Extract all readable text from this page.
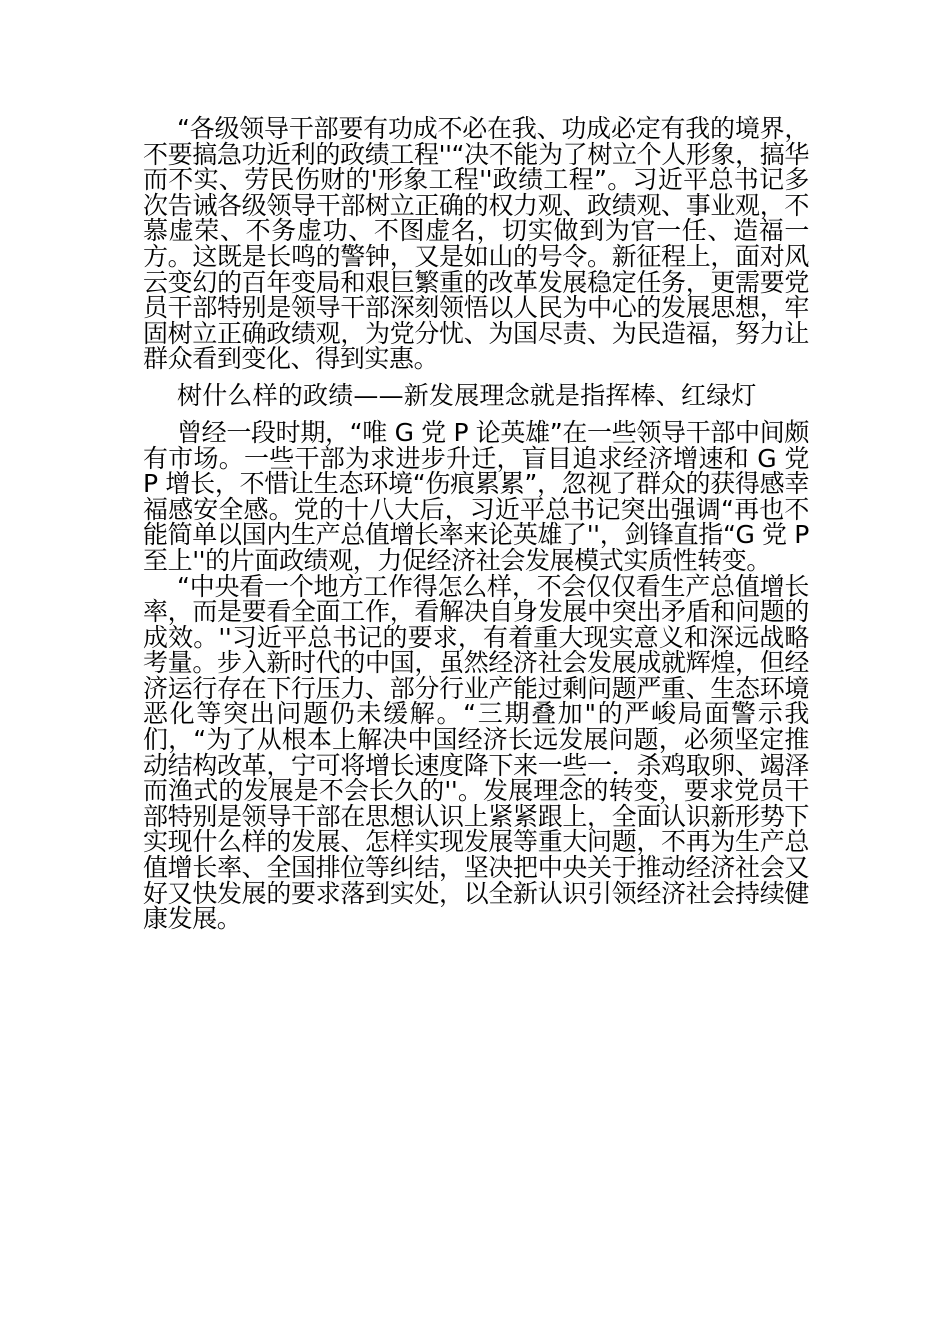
“各级领导干部要有功成不必在我、功成必定有我的境界，不要搞急功近利的政绩工程''“决不能为了树立个人形象，搞华而不实、劳民伤财的'形象工程''政绩工程”。习近平总书记多次告诫各级领导干部树立正确的权力观、政绩观、事业观，不慕虚荣、不务虚功、不图虚名，切实做到为官一任、造福一方。这既是长鸣的警钟，又是如山的号令。新征程上，面对风云变幻的百年变局和艰巨繁重的改革发展稳定任务，更需要党员干部特别是领导干部深刻领悟以人民为中心的发展思想，牢固树立正确政绩观，为党分忧、为国尽责、为民造福，努力让群众看到变化、得到实惠。

树什么样的政绩——新发展理念就是指挥棒、红绿灯

曾经一段时期，“唯 G 党 P 论英雄”在一些领导干部中间颇有市场。一些干部为求进步升迁，盲目追求经济增速和 G 党 P 增长，不惜让生态环境“伤痕累累”，忽视了群众的获得感幸福感安全感。党的十八大后，习近平总书记突出强调“再也不能简单以国内生产总值增长率来论英雄了''，剑锋直指“G 党 P 至上''的片面政绩观，力促经济社会发展模式实质性转变。

“中央看一个地方工作得怎么样，不会仅仅看生产总值增长率，而是要看全面工作，看解决自身发展中突出矛盾和问题的成效。''习近平总书记的要求，有着重大现实意义和深远战略考量。步入新时代的中国，虽然经济社会发展成就辉煌，但经济运行存在下行压力、部分行业产能过剩问题严重、生态环境恶化等突出问题仍未缓解。“三期叠加"的严峻局面警示我们，“为了从根本上解决中国经济长远发展问题，必须坚定推动结构改革，宁可将增长速度降下来一些一．杀鸡取卵、竭泽而渔式的发展是不会长久的''。发展理念的转变，要求党员干部特别是领导干部在思想认识上紧紧跟上，全面认识新形势下实现什么样的发展、怎样实现发展等重大问题，不再为生产总值增长率、全国排位等纠结，坚决把中央关于推动经济社会又好又快发展的要求落到实处，以全新认识引领经济社会持续健康发展。
